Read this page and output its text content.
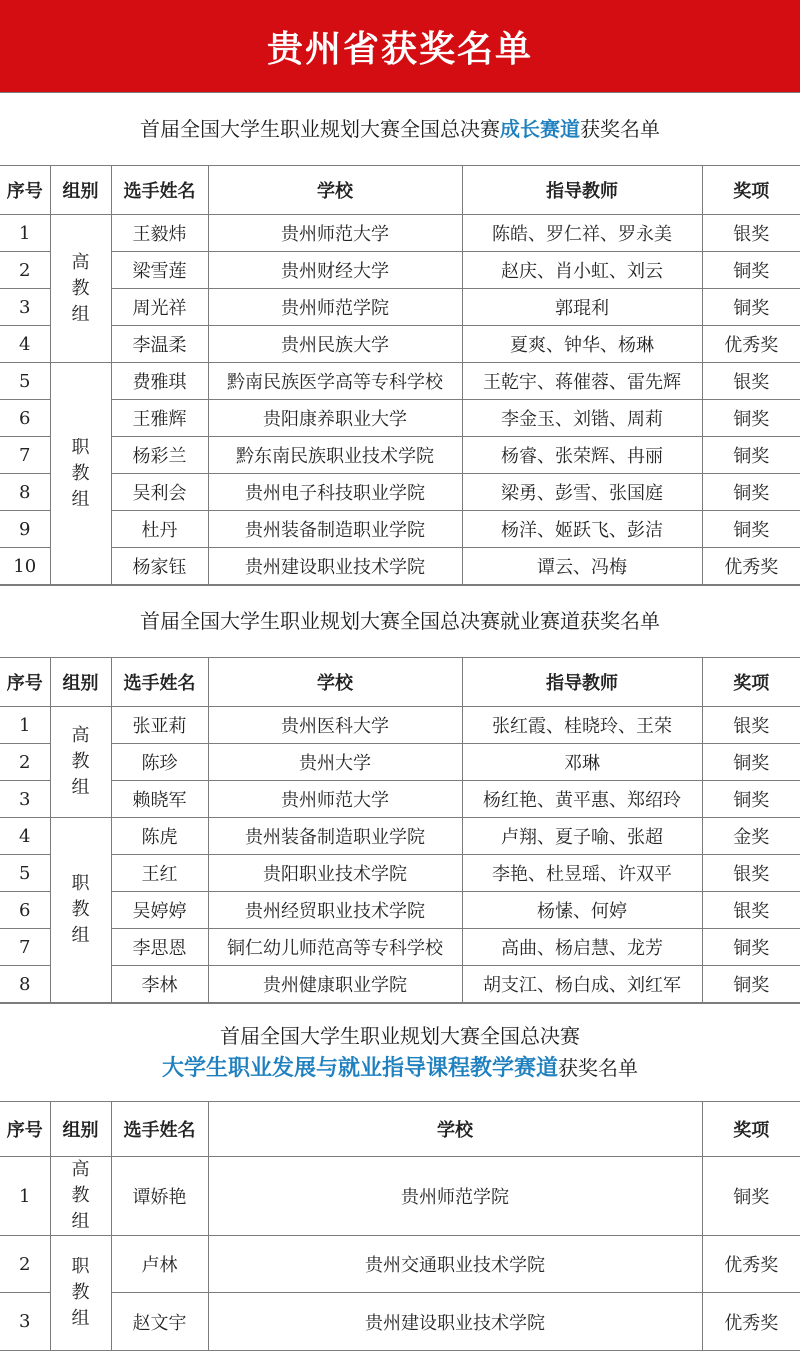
贵州省获奖名单
首届全国大学生职业规划大赛全国总决赛成长赛道获奖名单
序号	组别	选手姓名	学校	指导教师	奖项
1	高教组	王毅炜	贵州师范大学	陈皓、罗仁祥、罗永美	银奖
2		梁雪莲	贵州财经大学	赵庆、肖小虹、刘云	铜奖
3		周光祥	贵州师范学院	郭琨利	铜奖
4		李温柔	贵州民族大学	夏爽、钟华、杨琳	优秀奖
5	职教组	费雅琪	黔南民族医学高等专科学校	王乾宇、蒋催蓉、雷先辉	银奖
6		王雅辉	贵阳康养职业大学	李金玉、刘锴、周莉	铜奖
7		杨彩兰	黔东南民族职业技术学院	杨睿、张荣辉、冉丽	铜奖
8		吴利会	贵州电子科技职业学院	梁勇、彭雪、张国庭	铜奖
9		杜丹	贵州装备制造职业学院	杨洋、姬跃飞、彭洁	铜奖
10		杨家钰	贵州建设职业技术学院	谭云、冯梅	优秀奖
首届全国大学生职业规划大赛全国总决赛就业赛道获奖名单
序号	组别	选手姓名	学校	指导教师	奖项
1	高教组	张亚莉	贵州医科大学	张红霞、桂晓玲、王荣	银奖
2		陈珍	贵州大学	邓琳	铜奖
3		赖晓军	贵州师范大学	杨红艳、黄平惠、郑绍玲	铜奖
4	职教组	陈虎	贵州装备制造职业学院	卢翔、夏子喻、张超	金奖
5		王红	贵阳职业技术学院	李艳、杜昱瑶、许双平	银奖
6		吴婷婷	贵州经贸职业技术学院	杨愫、何婷	银奖
7		李思恩	铜仁幼儿师范高等专科学校	高曲、杨启慧、龙芳	铜奖
8		李林	贵州健康职业学院	胡支江、杨白成、刘红军	铜奖
首届全国大学生职业规划大赛全国总决赛
大学生职业发展与就业指导课程教学赛道获奖名单
序号	组别	选手姓名	学校	奖项
1	高教组	谭娇艳	贵州师范学院	铜奖
2	职教组	卢林	贵州交通职业技术学院	优秀奖
3		赵文宇	贵州建设职业技术学院	优秀奖
